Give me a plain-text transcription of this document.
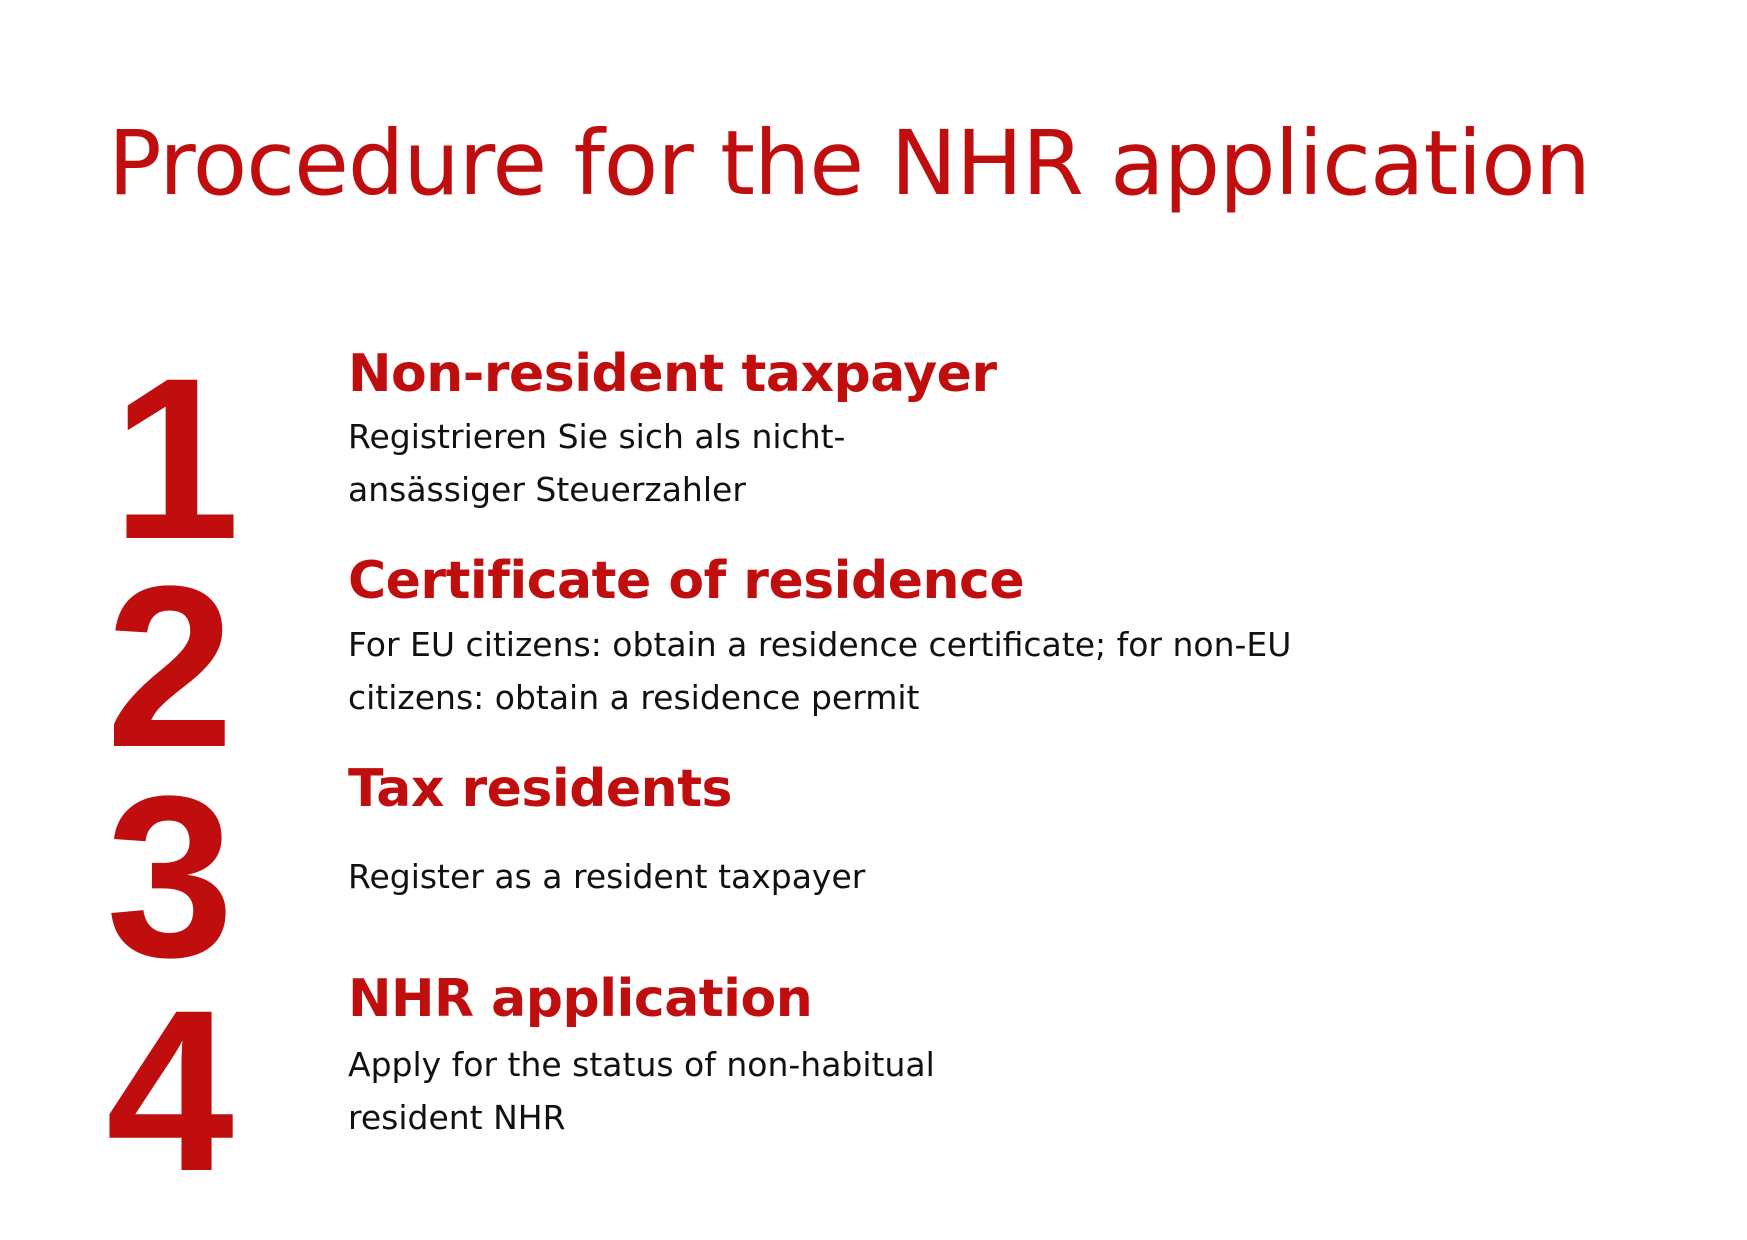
Procedure for the NHR application
1 Non-resident taxpayer

Registrieren Sie sich als nicht-ansässiger Steuerzahler

2 Certificate of residence

For EU citizens: obtain a residence certificate; for non-EU citizens: obtain a residence permit

3 Tax residents

Register as a resident taxpayer

4 NHR application

Apply for the status of non-habitual resident NHR
